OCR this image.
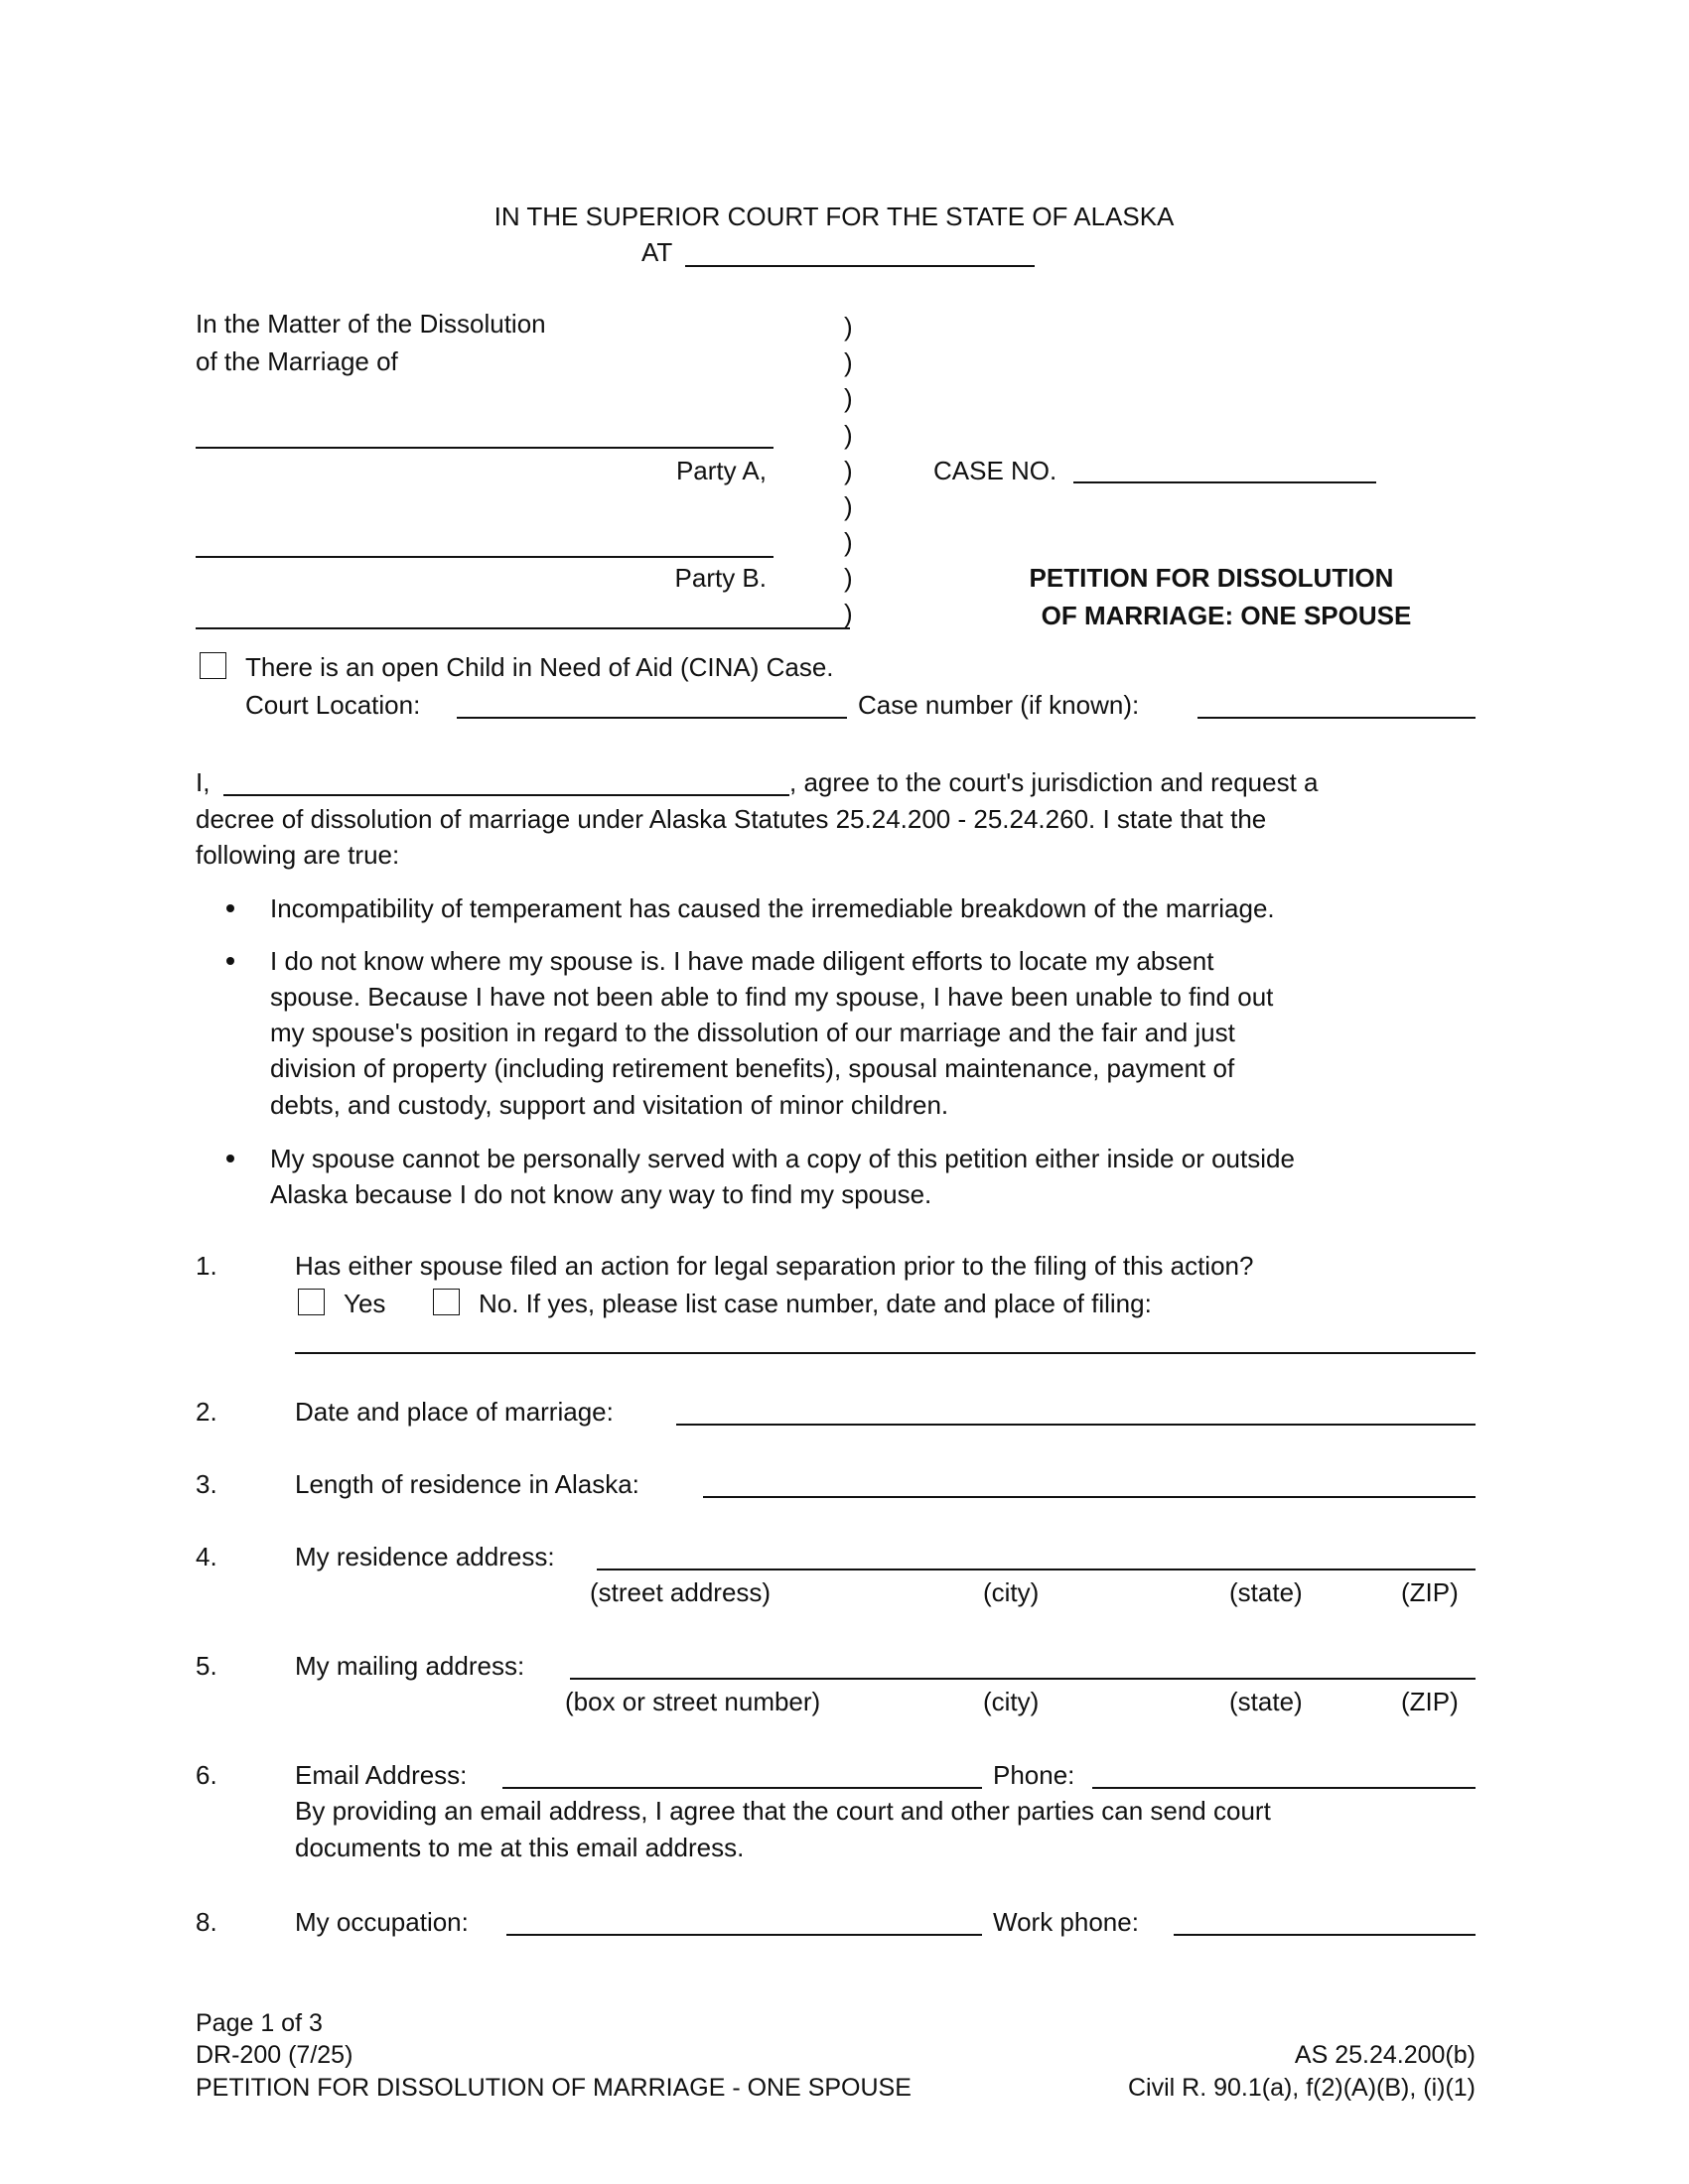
IN THE SUPERIOR COURT FOR THE STATE OF ALASKA
AT
In the Matter of the Dissolution
of the Marriage of
)
)
)
)
)
)
)
)
)
Party A,
Party B.
CASE NO.
PETITION FOR DISSOLUTION
OF MARRIAGE: ONE SPOUSE
There is an open Child in Need of Aid (CINA) Case.
Court Location:	Case number (if known):
I,	, agree to the court's jurisdiction and request a
decree of dissolution of marriage under Alaska Statutes 25.24.200 - 25.24.260. I state that the
following are true:
Incompatibility of temperament has caused the irremediable breakdown of the marriage.
I do not know where my spouse is. I have made diligent efforts to locate my absent
spouse. Because I have not been able to find my spouse, I have been unable to find out
my spouse's position in regard to the dissolution of our marriage and the fair and just
division of property (including retirement benefits), spousal maintenance, payment of
debts, and custody, support and visitation of minor children.
My spouse cannot be personally served with a copy of this petition either inside or outside
Alaska because I do not know any way to find my spouse.
1.	Has either spouse filed an action for legal separation prior to the filing of this action?
Yes	No. If yes, please list case number, date and place of filing:
2.	Date and place of marriage:
3.	Length of residence in Alaska:
4.	My residence address:
(street address)	(city)	(state)	(ZIP)
5.	My mailing address:
(box or street number)	(city)	(state)	(ZIP)
6.	Email Address:	Phone:
By providing an email address, I agree that the court and other parties can send court
documents to me at this email address.
8.	My occupation:	Work phone:
Page 1 of 3
DR-200 (7/25)
PETITION FOR DISSOLUTION OF MARRIAGE - ONE SPOUSE
AS 25.24.200(b)
Civil R. 90.1(a), f(2)(A)(B), (i)(1)
